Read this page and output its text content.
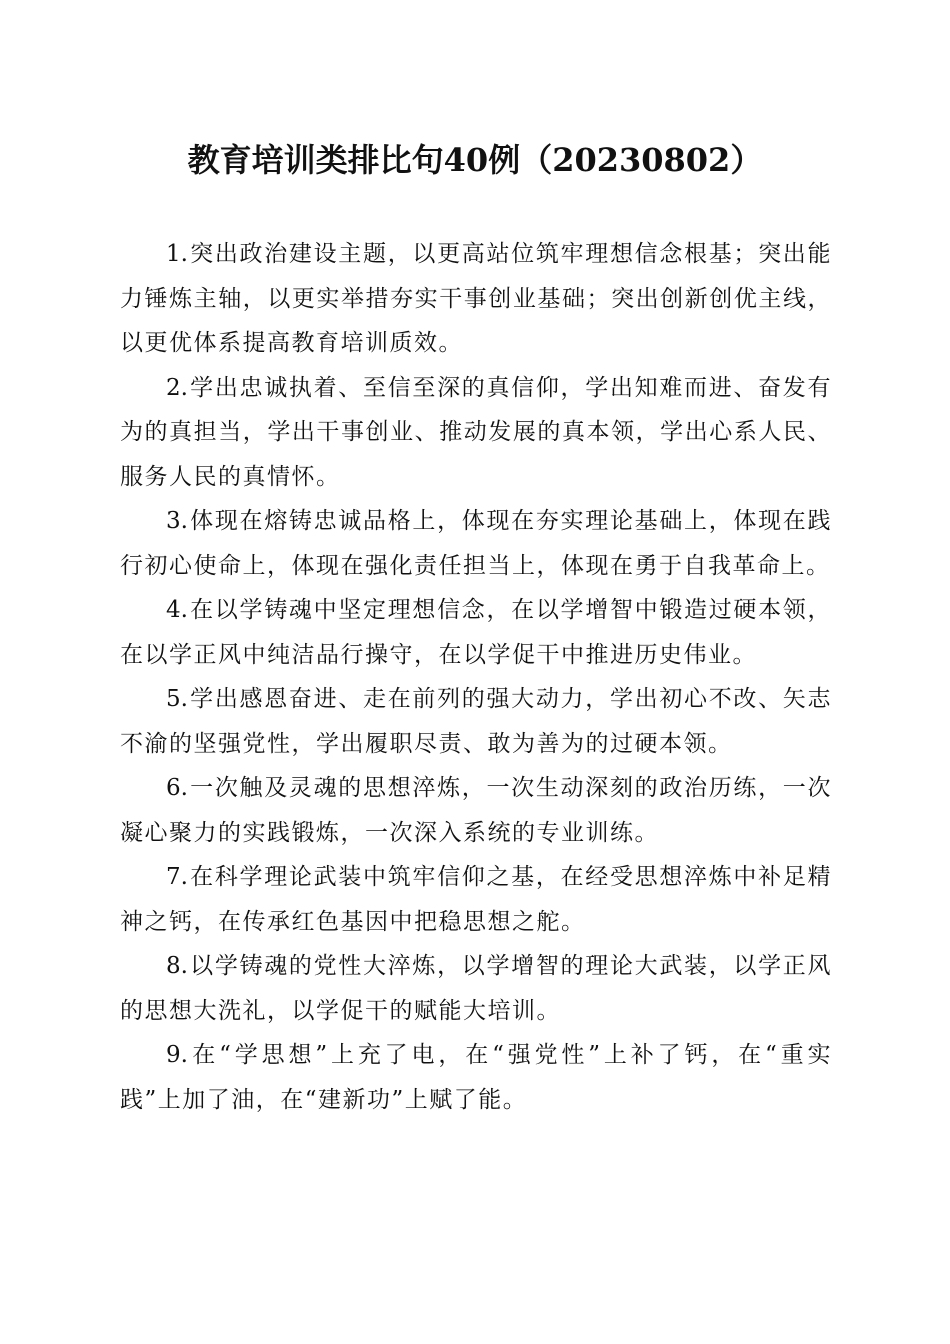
教育培训类排比句40例（20230802）

1.突出政治建设主题，以更高站位筑牢理想信念根基；突出能力锤炼主轴，以更实举措夯实干事创业基础；突出创新创优主线，以更优体系提高教育培训质效。

2.学出忠诚执着、至信至深的真信仰，学出知难而进、奋发有为的真担当，学出干事创业、推动发展的真本领，学出心系人民、服务人民的真情怀。

3.体现在熔铸忠诚品格上，体现在夯实理论基础上，体现在践行初心使命上，体现在强化责任担当上，体现在勇于自我革命上。

4.在以学铸魂中坚定理想信念，在以学增智中锻造过硬本领，在以学正风中纯洁品行操守，在以学促干中推进历史伟业。

5.学出感恩奋进、走在前列的强大动力，学出初心不改、矢志不渝的坚强党性，学出履职尽责、敢为善为的过硬本领。

6.一次触及灵魂的思想淬炼，一次生动深刻的政治历练，一次凝心聚力的实践锻炼，一次深入系统的专业训练。

7.在科学理论武装中筑牢信仰之基，在经受思想淬炼中补足精神之钙，在传承红色基因中把稳思想之舵。

8.以学铸魂的党性大淬炼，以学增智的理论大武装，以学正风的思想大洗礼，以学促干的赋能大培训。

9.在“学思想”上充了电，在“强党性”上补了钙，在“重实践”上加了油，在“建新功”上赋了能。
